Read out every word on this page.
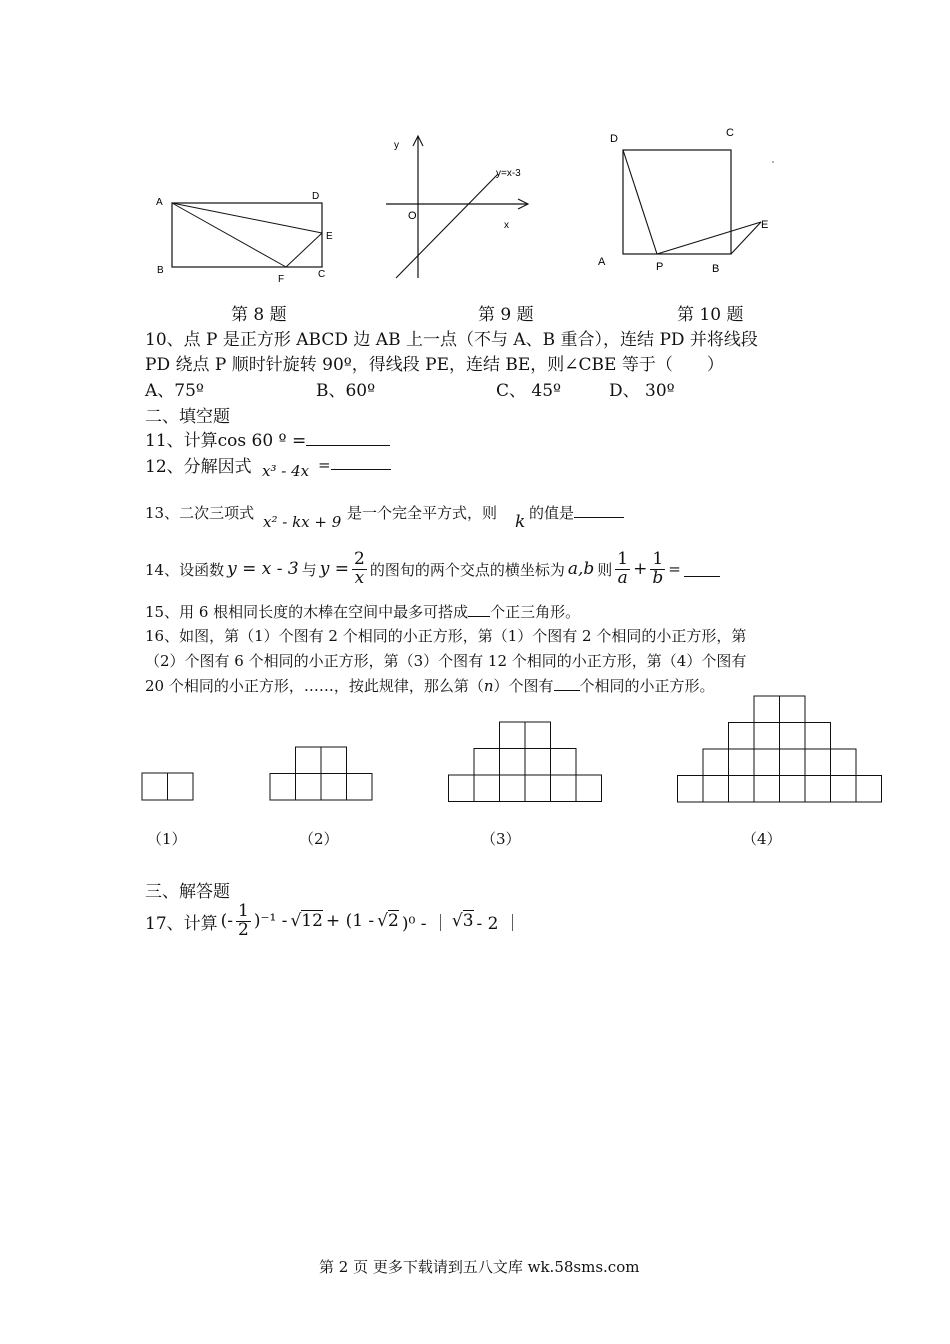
A
B	C
D
E
F
y
x
O
y=x-3
D	C
A	P	B
E
第 8 题	第 9 题	第 10 题
10、点 P 是正方形 ABCD 边 AB 上一点（不与 A、B 重合），连结 PD 并将线段
PD 绕点 P 顺时针旋转 90º，得线段 PE，连结 BE，则∠CBE 等于（　　）
A、75º	B、60º	C、 45º	D、 30º
二、填空题
11、计算cos 60 º =
12、分解因式 x³ - 4x =
13、二次三项式 x² - kx + 9 是一个完全平方式，则 k 的值是
14、设函数 y = x - 3 与 $y = \frac{2}{x}$ 的图旬的两个交点的横坐标为 a,b 则 $\frac{1}{a} + \frac{1}{b}$ =
15、用 6 根相同长度的木棒在空间中最多可搭成 个正三角形。
16、如图，第（1）个图有 2 个相同的小正方形，第（1）个图有 2 个相同的小正方形，第
（2）个图有 6 个相同的小正方形，第（3）个图有 12 个相同的小正方形，第（4）个图有
20 个相同的小正方形，……，按此规律，那么第（n）个图有 个相同的小正方形。
（1）	（2）	（3）	（4）
三、解答题
17、计算 (- $\frac{1}{2} )^{-1} - √12 + (1 - √2$ )⁰ - ｜ √3 - 2 ｜
第 2 页 更多下载请到五八文库 wk.58sms.com
